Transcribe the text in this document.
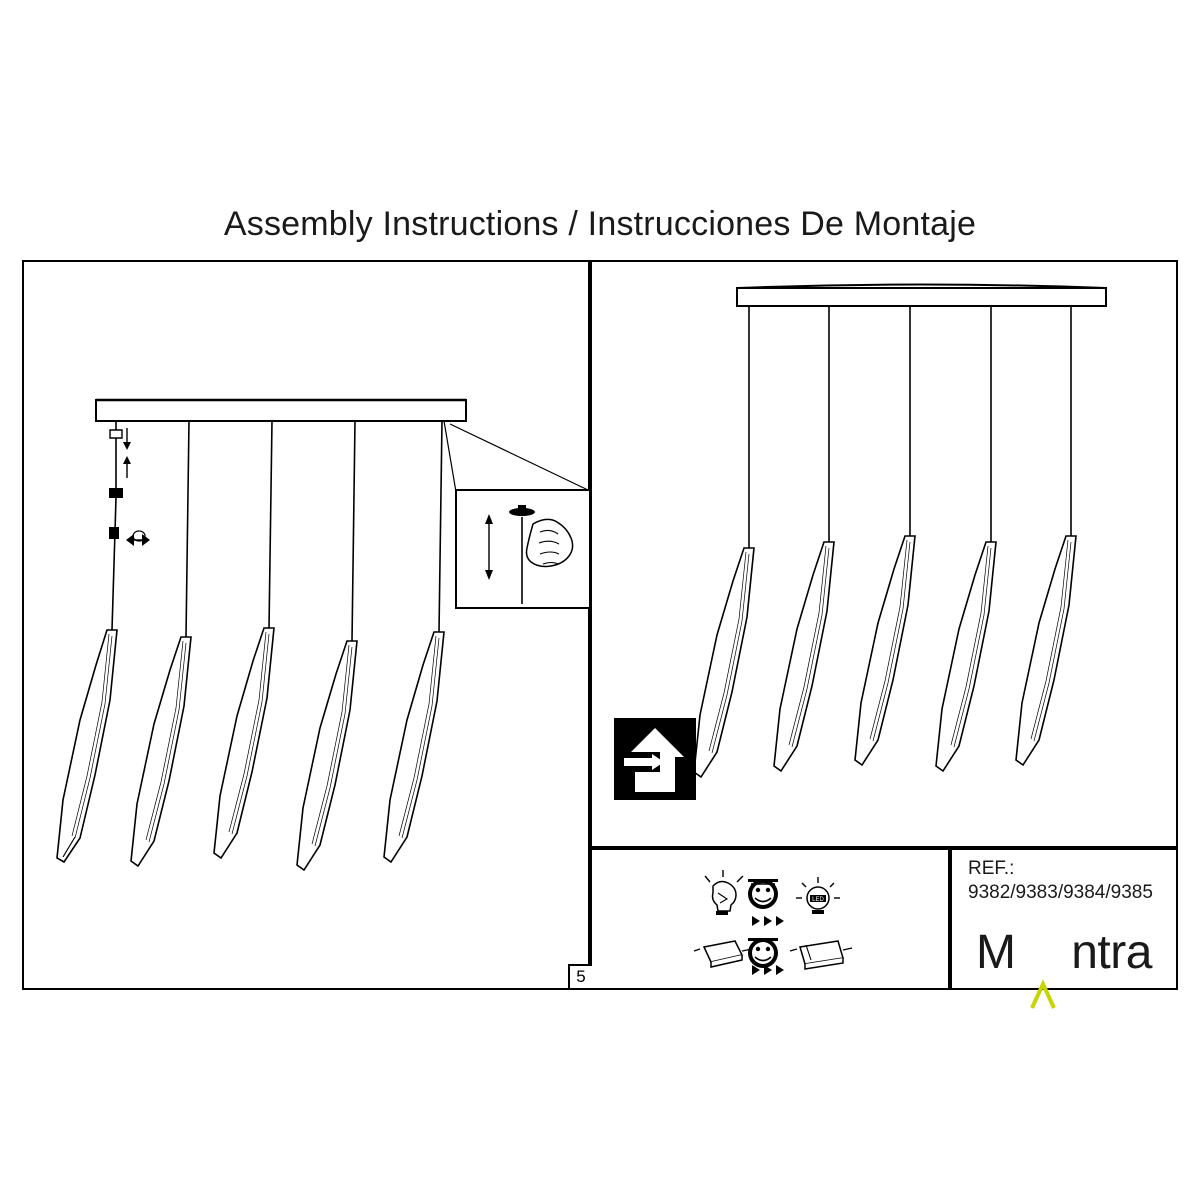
Assembly Instructions / Instrucciones De Montaje
LED
5
REF.:
9382/9383/9384/9385
M ntra
